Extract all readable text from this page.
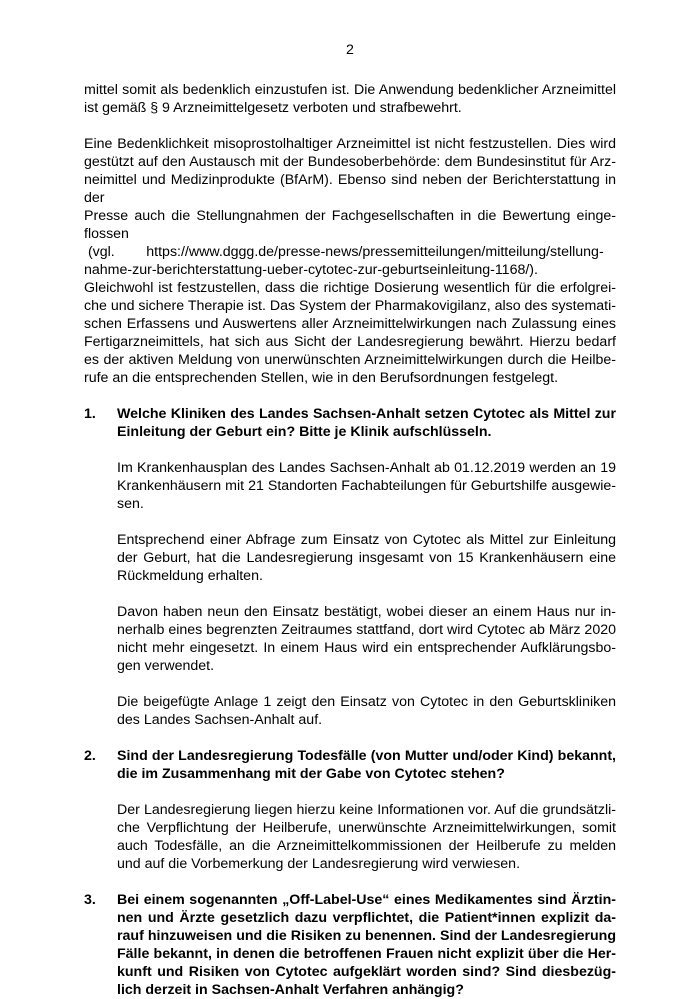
2
mittel somit als bedenklich einzustufen ist. Die Anwendung bedenklicher Arzneimittel
ist gemäß § 9 Arzneimittelgesetz verboten und strafbewehrt.
Eine Bedenklichkeit misoprostolhaltiger Arzneimittel ist nicht festzustellen. Dies wird
gestützt auf den Austausch mit der Bundesoberbehörde: dem Bundesinstitut für Arz-
neimittel und Medizinprodukte (BfArM). Ebenso sind neben der Berichterstattung in
der
Presse auch die Stellungnahmen der Fachgesellschaften in die Bewertung einge-
flossen
(vgl.        https://www.dggg.de/presse-news/pressemitteilungen/mitteilung/stellung-
nahme-zur-berichterstattung-ueber-cytotec-zur-geburtseinleitung-1168/).
Gleichwohl ist festzustellen, dass die richtige Dosierung wesentlich für die erfolgrei-
che und sichere Therapie ist. Das System der Pharmakovigilanz, also des systemati-
schen Erfassens und Auswertens aller Arzneimittelwirkungen nach Zulassung eines
Fertigarzneimittels, hat sich aus Sicht der Landesregierung bewährt. Hierzu bedarf
es der aktiven Meldung von unerwünschten Arzneimittelwirkungen durch die Heilbe-
rufe an die entsprechenden Stellen, wie in den Berufsordnungen festgelegt.
1. Welche Kliniken des Landes Sachsen-Anhalt setzen Cytotec als Mittel zur
Einleitung der Geburt ein? Bitte je Klinik aufschlüsseln.
Im Krankenhausplan des Landes Sachsen-Anhalt ab 01.12.2019 werden an 19
Krankenhäusern mit 21 Standorten Fachabteilungen für Geburtshilfe ausgewie-
sen.
Entsprechend einer Abfrage zum Einsatz von Cytotec als Mittel zur Einleitung
der Geburt, hat die Landesregierung insgesamt von 15 Krankenhäusern eine
Rückmeldung erhalten.
Davon haben neun den Einsatz bestätigt, wobei dieser an einem Haus nur in-
nerhalb eines begrenzten Zeitraumes stattfand, dort wird Cytotec ab März 2020
nicht mehr eingesetzt. In einem Haus wird ein entsprechender Aufklärungsbo-
gen verwendet.
Die beigefügte Anlage 1 zeigt den Einsatz von Cytotec in den Geburtskliniken
des Landes Sachsen-Anhalt auf.
2. Sind der Landesregierung Todesfälle (von Mutter und/oder Kind) bekannt,
die im Zusammenhang mit der Gabe von Cytotec stehen?
Der Landesregierung liegen hierzu keine Informationen vor. Auf die grundsätzli-
che Verpflichtung der Heilberufe, unerwünschte Arzneimittelwirkungen, somit
auch Todesfälle, an die Arzneimittelkommissionen der Heilberufe zu melden
und auf die Vorbemerkung der Landesregierung wird verwiesen.
3. Bei einem sogenannten „Off-Label-Use“ eines Medikamentes sind Ärztin-
nen und Ärzte gesetzlich dazu verpflichtet, die Patient*innen explizit da-
rauf hinzuweisen und die Risiken zu benennen. Sind der Landesregierung
Fälle bekannt, in denen die betroffenen Frauen nicht explizit über die Her-
kunft und Risiken von Cytotec aufgeklärt worden sind? Sind diesbezüg-
lich derzeit in Sachsen-Anhalt Verfahren anhängig?
